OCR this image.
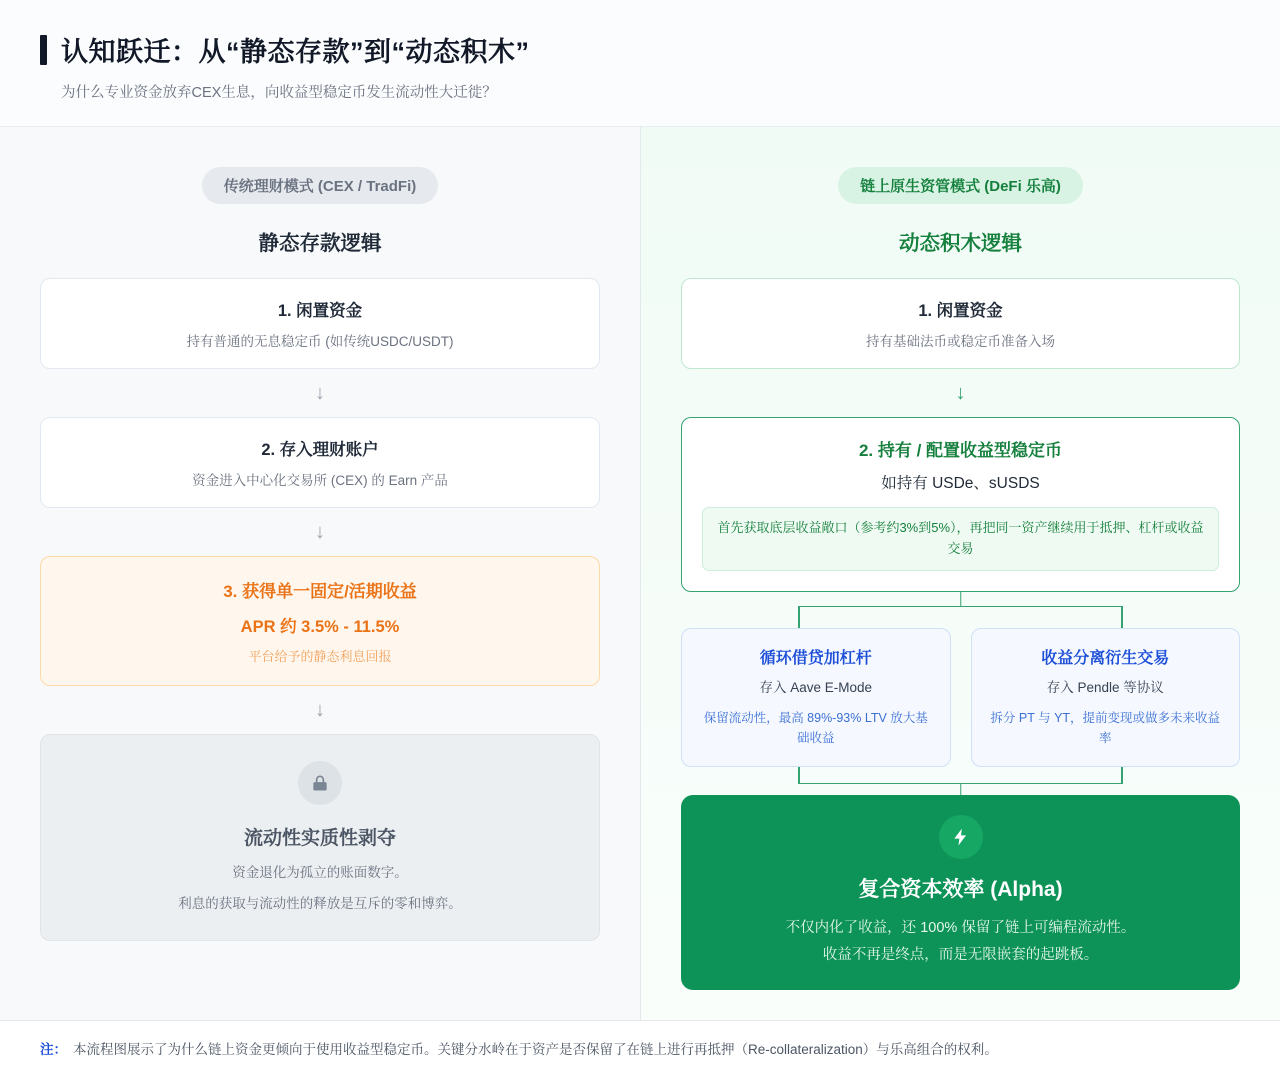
认知跃迁：从“静态存款”到“动态积木”
为什么专业资金放弃CEX生息，向收益型稳定币发生流动性大迁徙？
传统理财模式 (CEX / TradFi)
静态存款逻辑
1. 闲置资金
持有普通的无息稳定币 (如传统USDC/USDT)
↓
2. 存入理财账户
资金进入中心化交易所 (CEX) 的 Earn 产品
↓
3. 获得单一固定/活期收益
APR 约 3.5% - 11.5%
平台给予的静态利息回报
↓
流动性实质性剥夺
资金退化为孤立的账面数字。
利息的获取与流动性的释放是互斥的零和博弈。
链上原生资管模式 (DeFi 乐高)
动态积木逻辑
1. 闲置资金
持有基础法币或稳定币准备入场
↓
2. 持有 / 配置收益型稳定币
如持有 USDe、sUSDS
首先获取底层收益敞口（参考约3%到5%），再把同一资产继续用于抵押、杠杆或收益交易
循环借贷加杠杆
存入 Aave E-Mode
保留流动性，最高 89%-93% LTV 放大基础收益
收益分离衍生交易
存入 Pendle 等协议
拆分 PT 与 YT，提前变现或做多未来收益率
复合资本效率 (Alpha)
不仅内化了收益，还 100% 保留了链上可编程流动性。
收益不再是终点，而是无限嵌套的起跳板。
注： 本流程图展示了为什么链上资金更倾向于使用收益型稳定币。关键分水岭在于资产是否保留了在链上进行再抵押（Re-collateralization）与乐高组合的权利。
